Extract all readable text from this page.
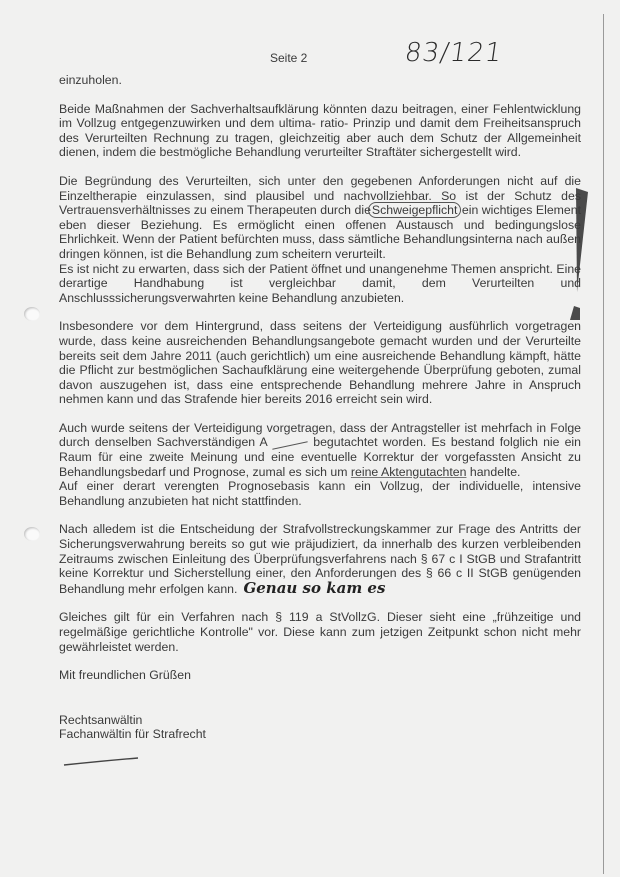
Seite 2	83/121

einzuholen.

Beide Maßnahmen der Sachverhaltsaufklärung könnten dazu beitragen, einer Fehlentwicklung im Vollzug entgegenzuwirken und dem ultima- ratio- Prinzip und damit dem Freiheitsanspruch des Verurteilten Rechnung zu tragen, gleichzeitig aber auch dem Schutz der Allgemeinheit dienen, indem die bestmögliche Behandlung verurteilter Straftäter sichergestellt wird.

Die Begründung des Verurteilten, sich unter den gegebenen Anforderungen nicht auf die Einzeltherapie einzulassen, sind plausibel und nachvollziehbar. So ist der Schutz des Vertrauensverhältnisses zu einem Therapeuten durch dieSchweigepflicht ein wichtiges Element eben dieser Beziehung. Es ermöglicht einen offenen Austausch und bedingungslose Ehrlichkeit. Wenn der Patient befürchten muss, dass sämtliche Behandlungsinterna nach außen dringen können, ist die Behandlung zum scheitern verurteilt.

Es ist nicht zu erwarten, dass sich der Patient öffnet und unangenehme Themen anspricht. Eine derartige Handhabung ist vergleichbar damit, dem Verurteilten und Anschlusssicherungsverwahrten keine Behandlung anzubieten.

Insbesondere vor dem Hintergrund, dass seitens der Verteidigung ausführlich vorgetragen wurde, dass keine ausreichenden Behandlungsangebote gemacht wurden und der Verurteilte bereits seit dem Jahre 2011 (auch gerichtlich) um eine ausreichende Behandlung kämpft, hätte die Pflicht zur bestmöglichen Sachaufklärung eine weitergehende Überprüfung geboten, zumal davon auszugehen ist, dass eine entsprechende Behandlung mehrere Jahre in Anspruch nehmen kann und das Strafende hier bereits 2016 erreicht sein wird.

Auch wurde seitens der Verteidigung vorgetragen, dass der Antragsteller ist mehrfach in Folge durch denselben Sachverständigen A	begutachtet worden. Es bestand folglich nie ein Raum für eine zweite Meinung und eine eventuelle Korrektur der vorgefassten Ansicht zu Behandlungsbedarf und Prognose, zumal es sich um reine Aktengutachten handelte.

Auf einer derart verengten Prognosebasis kann ein Vollzug, der individuelle, intensive Behandlung anzubieten hat nicht stattfinden.

Nach alledem ist die Entscheidung der Strafvollstreckungskammer zur Frage des Antritts der Sicherungsverwahrung bereits so gut wie präjudiziert, da innerhalb des kurzen verbleibenden Zeitraums zwischen Einleitung des Überprüfungsverfahrens nach § 67 c I StGB und Strafantritt keine Korrektur und Sicherstellung einer, den Anforderungen des § 66 c II StGB genügenden Behandlung mehr erfolgen kann. Genau so kam es

Gleiches gilt für ein Verfahren nach § 119 a StVollzG. Dieser sieht eine „frühzeitige und regelmäßige gerichtliche Kontrolle" vor. Diese kann zum jetzigen Zeitpunkt schon nicht mehr gewährleistet werden.

Mit freundlichen Grüßen

Rechtsanwältin

Fachanwältin für Strafrecht
